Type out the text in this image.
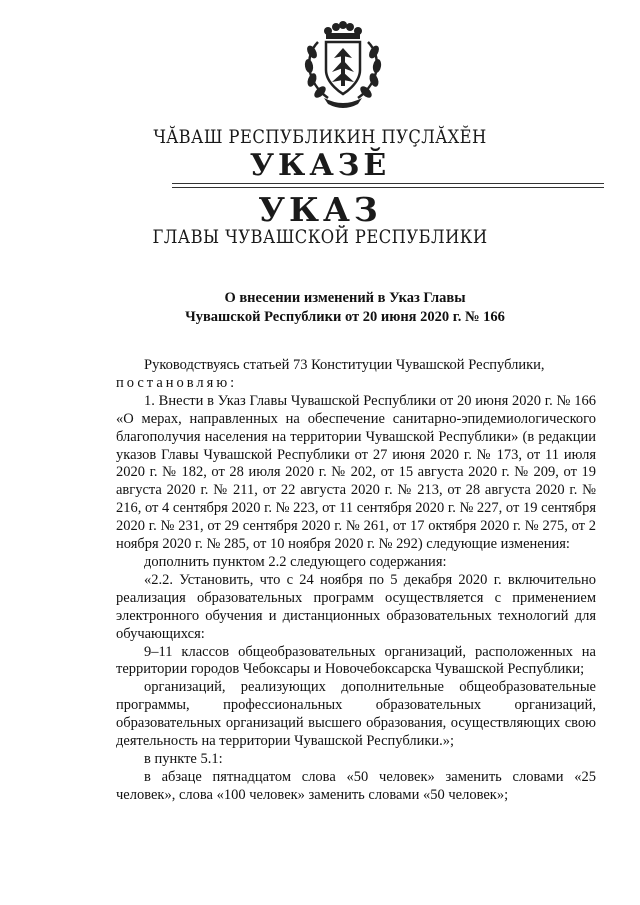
ЧĂВАШ РЕСПУБЛИКИН ПУÇЛĂХĔН
УКАЗĔ
УКАЗ
ГЛАВЫ ЧУВАШСКОЙ РЕСПУБЛИКИ
О внесении изменений в Указ Главы
Чувашской Республики от 20 июня 2020 г. № 166

Руководствуясь статьей 73 Конституции Чувашской Республики,

постановляю:

1. Внести в Указ Главы Чувашской Республики от 20 июня 2020 г. № 166 «О мерах, направленных на обеспечение санитарно-эпидемиологического благополучия населения на территории Чувашской Республики» (в редакции указов Главы Чувашской Республики от 27 июня 2020 г. № 173, от 11 июля 2020 г. № 182, от 28 июля 2020 г. № 202, от 15 августа 2020 г. № 209, от 19 августа 2020 г. № 211, от 22 августа 2020 г. № 213, от 28 августа 2020 г. № 216, от 4 сентября 2020 г. № 223, от 11 сентября 2020 г. № 227, от 19 сентября 2020 г. № 231, от 29 сентября 2020 г. № 261, от 17 октября 2020 г. № 275, от 2 ноября 2020 г. № 285, от 10 ноября 2020 г. № 292) следующие изменения:

дополнить пунктом 2.2 следующего содержания:

«2.2. Установить, что с 24 ноября по 5 декабря 2020 г. включительно реализация образовательных программ осуществляется с применением электронного обучения и дистанционных образовательных технологий для обучающихся:

9–11 классов общеобразовательных организаций, расположенных на территории городов Чебоксары и Новочебоксарска Чувашской Республики;

организаций, реализующих дополнительные общеобразовательные программы, профессиональных образовательных организаций, образовательных организаций высшего образования, осуществляющих свою деятельность на территории Чувашской Республики.»;

в пункте 5.1:

в абзаце пятнадцатом слова «50 человек» заменить словами «25 человек», слова «100 человек» заменить словами «50 человек»;
